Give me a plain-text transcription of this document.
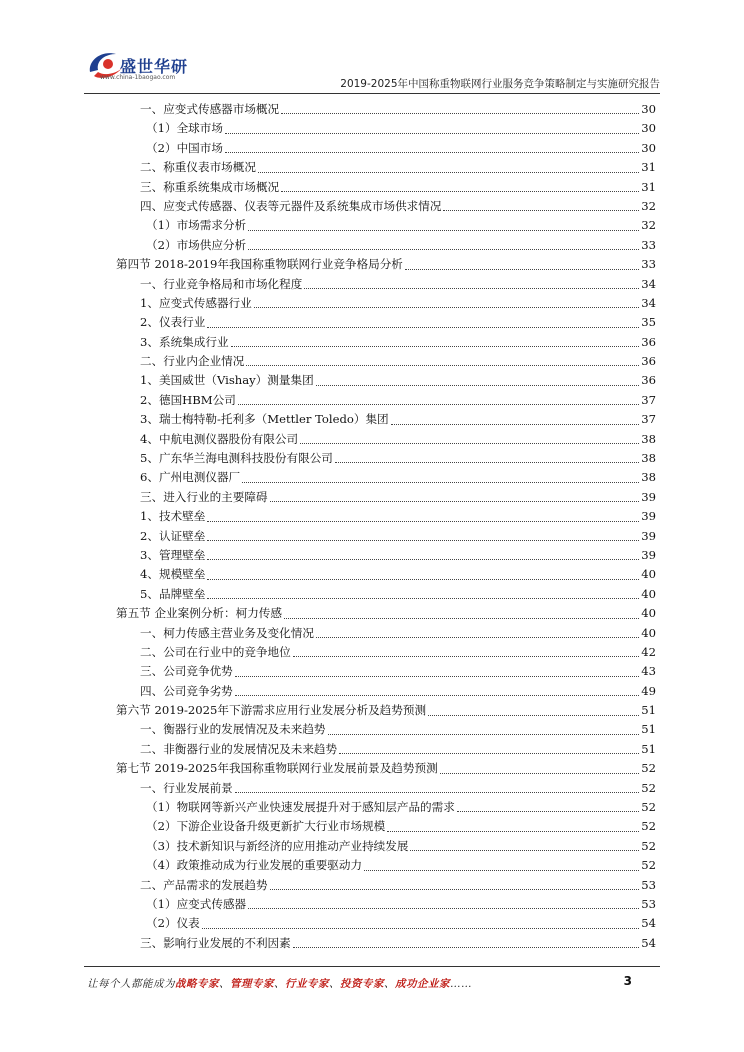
盛世华研
www.china-1baogao.com
2019-2025年中国称重物联网行业服务竞争策略制定与实施研究报告
一、应变式传感器市场概况	30
（1）全球市场	30
（2）中国市场	30
二、称重仪表市场概况	31
三、称重系统集成市场概况	31
四、应变式传感器、仪表等元器件及系统集成市场供求情况	32
（1）市场需求分析	32
（2）市场供应分析	33
第四节 2018-2019年我国称重物联网行业竞争格局分析	33
一、行业竞争格局和市场化程度	34
1、应变式传感器行业	34
2、仪表行业	35
3、系统集成行业	36
二、行业内企业情况	36
1、美国威世（Vishay）测量集团	36
2、德国HBM公司	37
3、瑞士梅特勒-托利多（Mettler Toledo）集团	37
4、中航电测仪器股份有限公司	38
5、广东华兰海电测科技股份有限公司	38
6、广州电测仪器厂	38
三、进入行业的主要障碍	39
1、技术壁垒	39
2、认证壁垒	39
3、管理壁垒	39
4、规模壁垒	40
5、品牌壁垒	40
第五节 企业案例分析：柯力传感	40
一、柯力传感主营业务及变化情况	40
二、公司在行业中的竞争地位	42
三、公司竞争优势	43
四、公司竞争劣势	49
第六节 2019-2025年下游需求应用行业发展分析及趋势预测	51
一、衡器行业的发展情况及未来趋势	51
二、非衡器行业的发展情况及未来趋势	51
第七节 2019-2025年我国称重物联网行业发展前景及趋势预测	52
一、行业发展前景	52
（1）物联网等新兴产业快速发展提升对于感知层产品的需求	52
（2）下游企业设备升级更新扩大行业市场规模	52
（3）技术新知识与新经济的应用推动产业持续发展	52
（4）政策推动成为行业发展的重要驱动力	52
二、产品需求的发展趋势	53
（1）应变式传感器	53
（2）仪表	54
三、影响行业发展的不利因素	54
让每个人都能成为战略专家、管理专家、行业专家、投资专家、成功企业家……	3
